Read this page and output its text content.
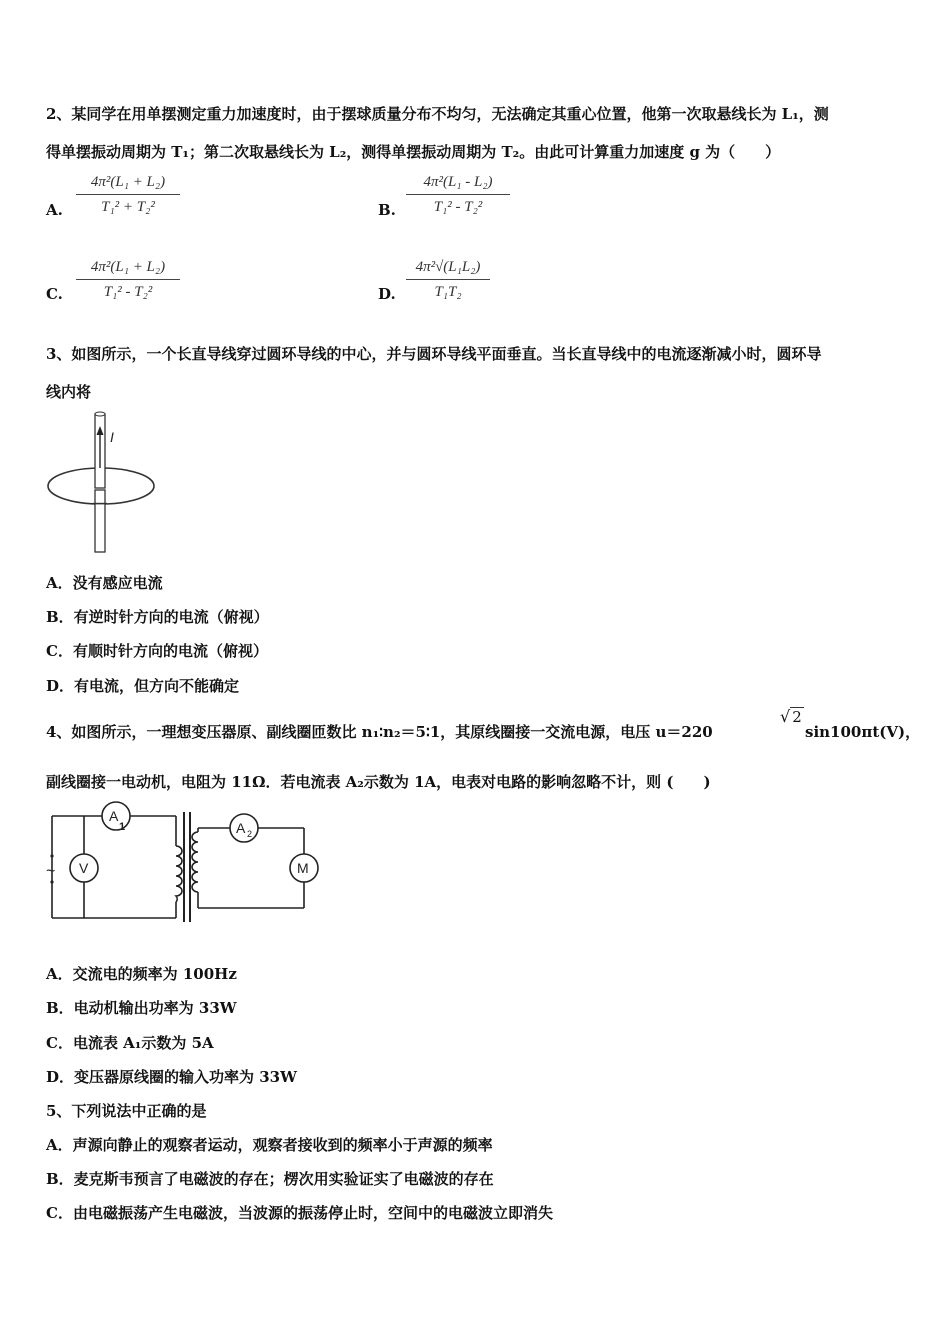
2、某同学在用单摆测定重力加速度时，由于摆球质量分布不均匀，无法确定其重心位置，他第一次取悬线长为 L₁，测
得单摆振动周期为 T₁；第二次取悬线长为 L₂，测得单摆振动周期为 T₂。由此可计算重力加速度 g 为（　　）
A.
4π²(L₁ + L₂)
T₁² + T₂²	B.
4π²(L₁ - L₂)
T₁² - T₂²
C.
4π²(L₁ + L₂)
T₁² - T₂²	D.
4π²√(L₁L₂)
T₁T₂
3、如图所示，一个长直导线穿过圆环导线的中心，并与圆环导线平面垂直。当长直导线中的电流逐渐减小时，圆环导
线内将
I
A．没有感应电流
B．有逆时针方向的电流（俯视）
C．有顺时针方向的电流（俯视）
D．有电流，但方向不能确定
4、如图所示，一理想变压器原、副线圈匝数比 n₁∶n₂＝5∶1，其原线圈接一交流电源，电压 u＝220
√ 2
sin100πt(V)，
副线圈接一电动机，电阻为 11Ω．若电流表 A₂示数为 1A，电表对电路的影响忽略不计，则 (　　)
A
1
V
~
A 2
M
A．交流电的频率为 100Hz
B．电动机输出功率为 33W
C．电流表 A₁示数为 5A
D．变压器原线圈的输入功率为 33W
5、下列说法中正确的是
A．声源向静止的观察者运动，观察者接收到的频率小于声源的频率
B．麦克斯韦预言了电磁波的存在；楞次用实验证实了电磁波的存在
C．由电磁振荡产生电磁波，当波源的振荡停止时，空间中的电磁波立即消失
